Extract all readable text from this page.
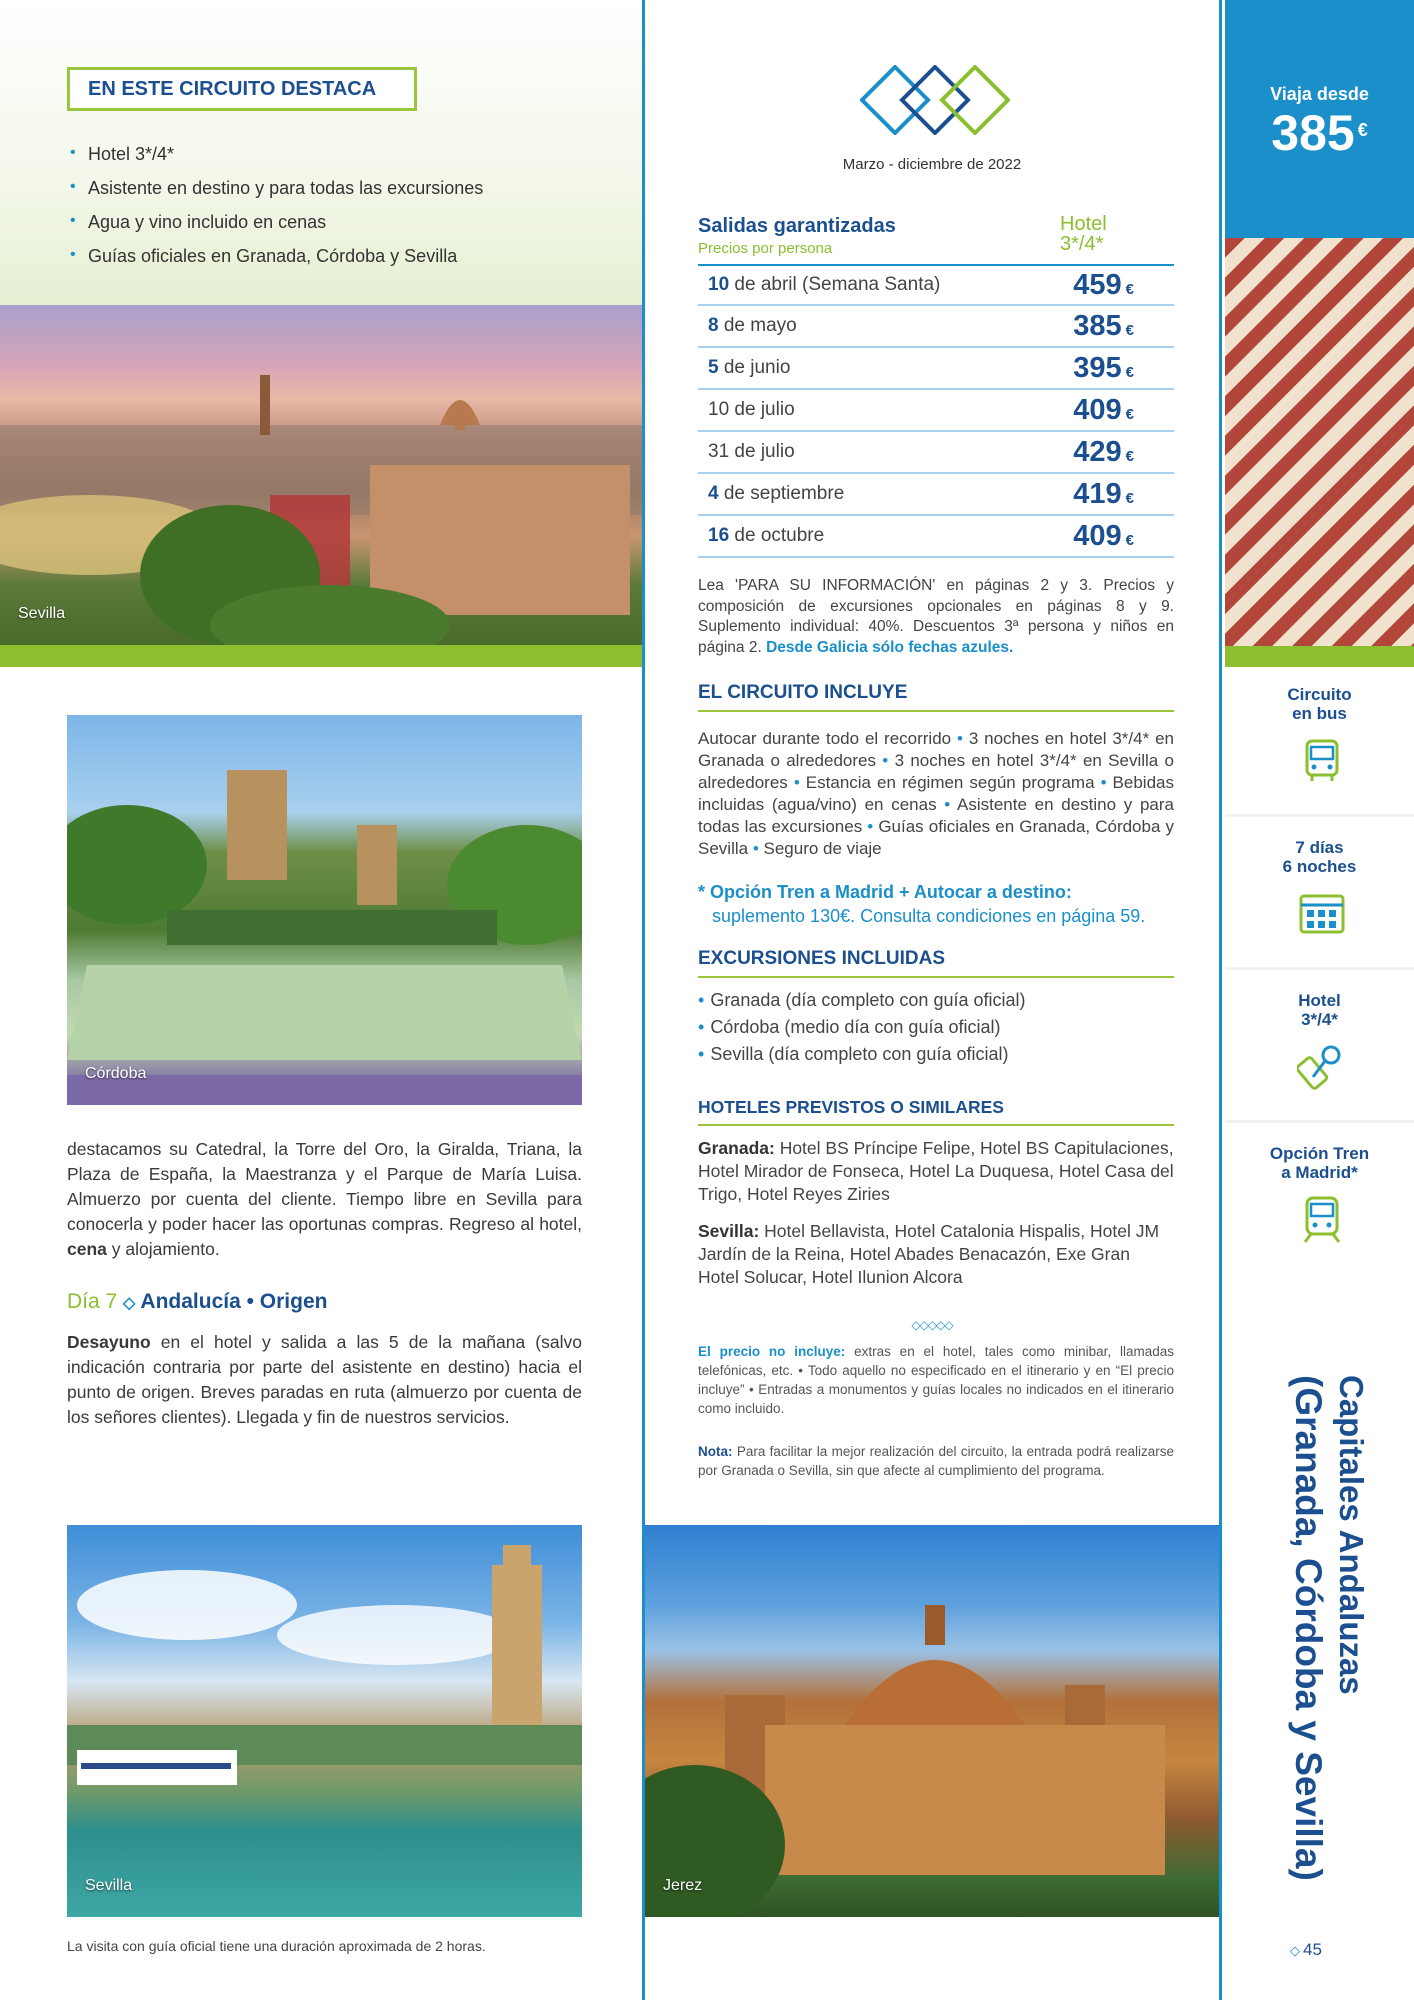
EN ESTE CIRCUITO DESTACA
• Hotel 3*/4*
• Asistente en destino y para todas las excursiones
• Agua y vino incluido en cenas
• Guías oficiales en Granada, Córdoba y Sevilla
Sevilla
Córdoba

destacamos su Catedral, la Torre del Oro, la Giralda, Triana, la Plaza de España, la Maestranza y el Parque de María Luisa. Almuerzo por cuenta del cliente. Tiempo libre en Sevilla para conocerla y poder hacer las oportunas compras. Regreso al hotel, cena y alojamiento.

Día 7 ◇ Andalucía • Origen

Desayuno en el hotel y salida a las 5 de la mañana (salvo indicación contraria por parte del asistente en destino) hacia el punto de origen. Breves paradas en ruta (almuerzo por cuenta de los señores clientes). Llegada y fin de nuestros servicios.

Sevilla
La visita con guía oficial tiene una duración aproximada de 2 horas.
Marzo - diciembre de 2022
Salidas garantizadas
Precios por persona
Hotel
3*/4*
10 de abril (Semana Santa)	459 €
8 de mayo	385 €
5 de junio	395 €
10 de julio	409 €
31 de julio	429 €
4 de septiembre	419 €
16 de octubre	409 €

Lea 'PARA SU INFORMACIÓN' en páginas 2 y 3. Precios y composición de excursiones opcionales en páginas 8 y 9. Suplemento individual: 40%. Descuentos 3ª persona y niños en página 2. Desde Galicia sólo fechas azules.

EL CIRCUITO INCLUYE

Autocar durante todo el recorrido • 3 noches en hotel 3*/4* en Granada o alrededores • 3 noches en hotel 3*/4* en Sevilla o alrededores • Estancia en régimen según programa • Bebidas incluidas (agua/vino) en cenas • Asistente en destino y para todas las excursiones • Guías oficiales en Granada, Córdoba y Sevilla • Seguro de viaje

* Opción Tren a Madrid + Autocar a destino:
suplemento 130€. Consulta condiciones en página 59.
EXCURSIONES INCLUIDAS
• Granada (día completo con guía oficial)
• Córdoba (medio día con guía oficial)
• Sevilla (día completo con guía oficial)
HOTELES PREVISTOS O SIMILARES

Granada: Hotel BS Príncipe Felipe, Hotel BS Capitulaciones, Hotel Mirador de Fonseca, Hotel La Duquesa, Hotel Casa del Trigo, Hotel Reyes Ziries

Sevilla: Hotel Bellavista, Hotel Catalonia Hispalis, Hotel JM Jardín de la Reina, Hotel Abades Benacazón, Exe Gran Hotel Solucar, Hotel Ilunion Alcora

◇◇◇◇◇

El precio no incluye: extras en el hotel, tales como minibar, llamadas telefónicas, etc. • Todo aquello no especificado en el itinerario y en “El precio incluye” • Entradas a monumentos y guías locales no indicados en el itinerario como incluido.

Nota: Para facilitar la mejor realización del circuito, la entrada podrá realizarse por Granada o Sevilla, sin que afecte al cumplimiento del programa.

Jerez
Viaja desde
385 €
Circuito
en bus
7 días
6 noches
Hotel
3*/4*
Opción Tren
a Madrid*
Capitales Andaluzas
(Granada, Córdoba y Sevilla)
◇ 45
